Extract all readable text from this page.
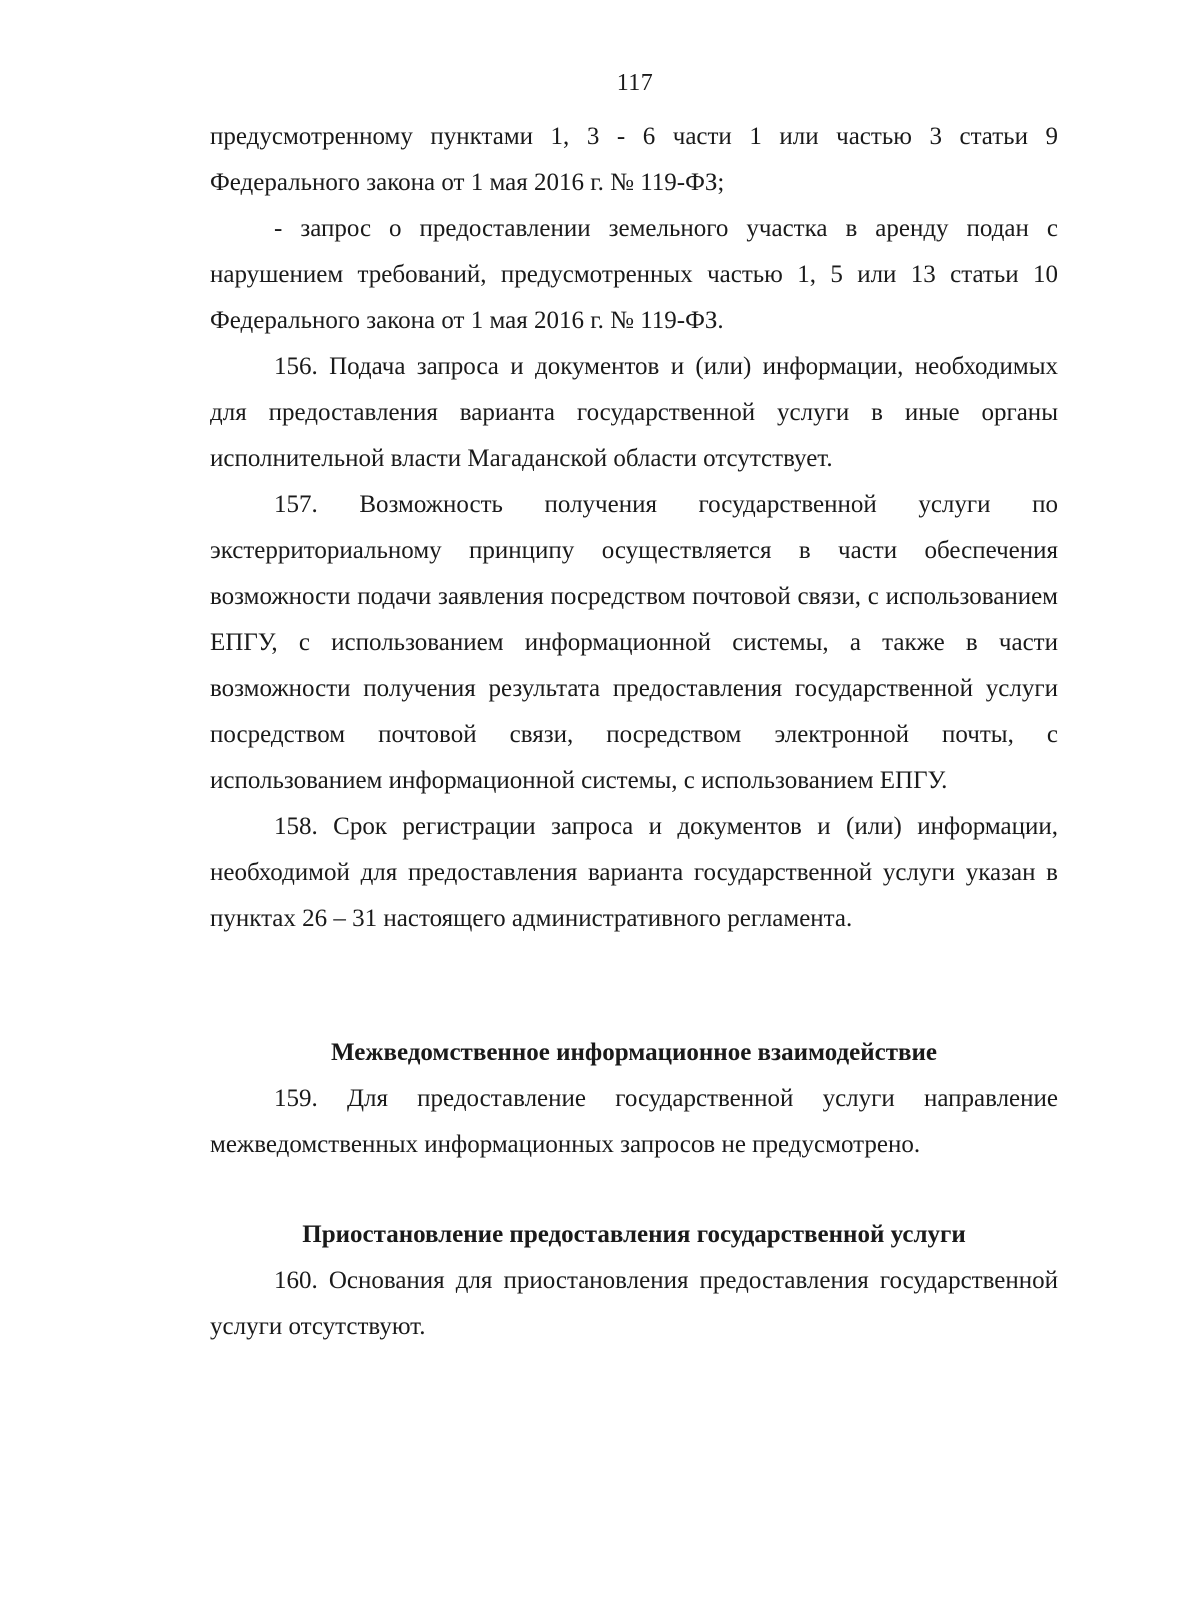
117

предусмотренному пунктами 1, 3 - 6 части 1 или частью 3 статьи 9 Федерального закона от 1 мая 2016 г. № 119-ФЗ;

- запрос о предоставлении земельного участка в аренду подан с нарушением требований, предусмотренных частью 1, 5 или 13 статьи 10 Федерального закона от 1 мая 2016 г. № 119-ФЗ.

156. Подача запроса и документов и (или) информации, необходимых для предоставления варианта государственной услуги в иные органы исполнительной власти Магаданской области отсутствует.

157. Возможность получения государственной услуги по экстерриториальному принципу осуществляется в части обеспечения возможности подачи заявления посредством почтовой связи, с использованием ЕПГУ, с использованием информационной системы, а также в части возможности получения результата предоставления государственной услуги посредством почтовой связи, посредством электронной почты, с использованием информационной системы, с использованием ЕПГУ.

158. Срок регистрации запроса и документов и (или) информации, необходимой для предоставления варианта государственной услуги указан в пунктах 26 – 31 настоящего административного регламента.

Межведомственное информационное взаимодействие

159. Для предоставление государственной услуги направление межведомственных информационных запросов не предусмотрено.

Приостановление предоставления государственной услуги

160. Основания для приостановления предоставления государственной услуги отсутствуют.
